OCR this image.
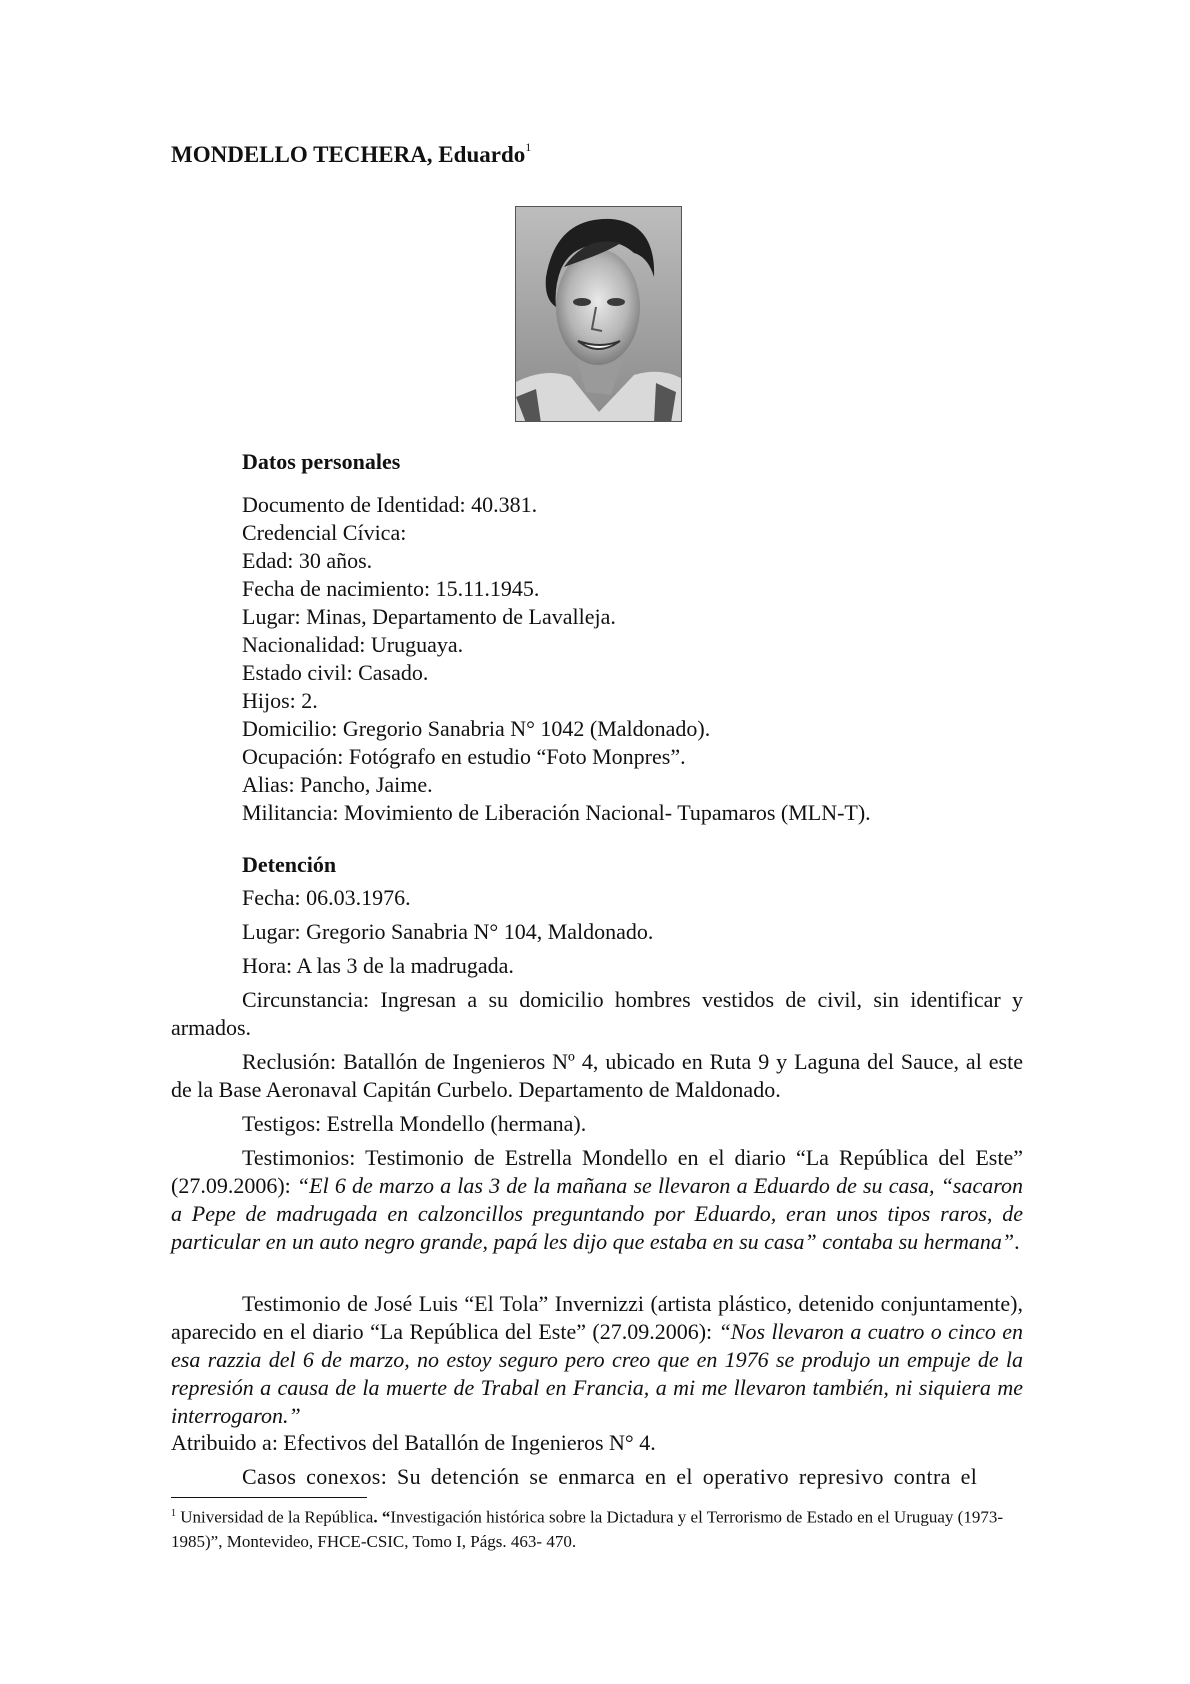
MONDELLO TECHERA, Eduardo$^1$
Datos personales
Documento de Identidad: 40.381.
Credencial Cívica:
Edad: 30 años.
Fecha de nacimiento: 15.11.1945.
Lugar: Minas, Departamento de Lavalleja.
Nacionalidad: Uruguaya.
Estado civil: Casado.
Hijos: 2.
Domicilio: Gregorio Sanabria N° 1042 (Maldonado).
Ocupación: Fotógrafo en estudio “Foto Monpres”.
Alias: Pancho, Jaime.
Militancia: Movimiento de Liberación Nacional- Tupamaros (MLN-T).
Detención
Fecha: 06.03.1976.
Lugar: Gregorio Sanabria N° 104, Maldonado.
Hora: A las 3 de la madrugada.

Circunstancia: Ingresan a su domicilio hombres vestidos de civil, sin identificar y armados.

Reclusión: Batallón de Ingenieros Nº 4, ubicado en Ruta 9 y Laguna del Sauce, al este de la Base Aeronaval Capitán Curbelo. Departamento de Maldonado.

Testigos: Estrella Mondello (hermana).

Testimonios: Testimonio de Estrella Mondello en el diario “La República del Este” (27.09.2006): “El 6 de marzo a las 3 de la mañana se llevaron a Eduardo de su casa, “sacaron a Pepe de madrugada en calzoncillos preguntando por Eduardo, eran unos tipos raros, de particular en un auto negro grande, papá les dijo que estaba en su casa” contaba su hermana”.

Testimonio de José Luis “El Tola” Invernizzi (artista plástico, detenido conjuntamente), aparecido en el diario “La República del Este” (27.09.2006): “Nos llevaron a cuatro o cinco en esa razzia del 6 de marzo, no estoy seguro pero creo que en 1976 se produjo un empuje de la represión a causa de la muerte de Trabal en Francia, a mi me llevaron también, ni siquiera me interrogaron.”

Atribuido a: Efectivos del Batallón de Ingenieros N° 4.

Casos conexos: Su detención se enmarca en el operativo represivo contra el

$^1$ Universidad de la República. “Investigación histórica sobre la Dictadura y el Terrorismo de Estado en el Uruguay (1973-1985)”, Montevideo, FHCE-CSIC, Tomo I, Págs. 463- 470.
